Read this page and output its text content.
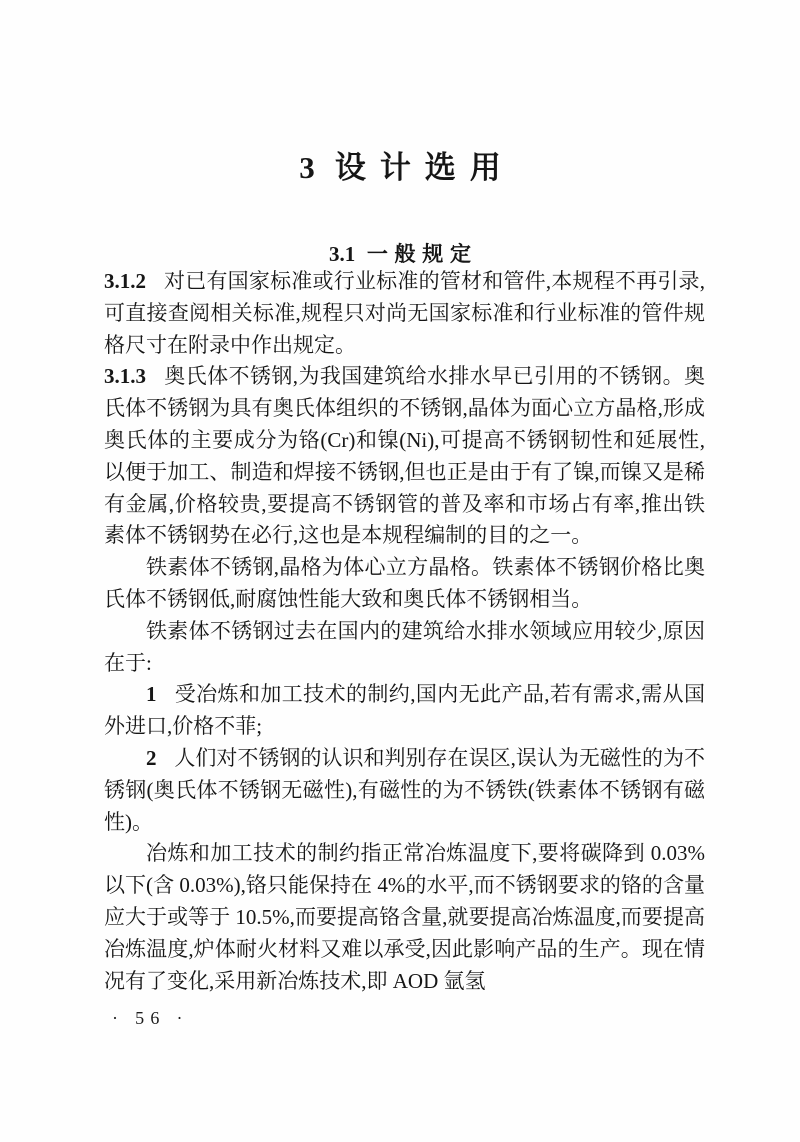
3 设计选用
3.1 一般规定

3.1.2 对已有国家标准或行业标准的管材和管件,本规程不再引录,可直接查阅相关标准,规程只对尚无国家标准和行业标准的管件规格尺寸在附录中作出规定。

3.1.3 奥氏体不锈钢,为我国建筑给水排水早已引用的不锈钢。奥氏体不锈钢为具有奥氏体组织的不锈钢,晶体为面心立方晶格,形成奥氏体的主要成分为铬(Cr)和镍(Ni),可提高不锈钢韧性和延展性,以便于加工、制造和焊接不锈钢,但也正是由于有了镍,而镍又是稀有金属,价格较贵,要提高不锈钢管的普及率和市场占有率,推出铁素体不锈钢势在必行,这也是本规程编制的目的之一。

铁素体不锈钢,晶格为体心立方晶格。铁素体不锈钢价格比奥氏体不锈钢低,耐腐蚀性能大致和奥氏体不锈钢相当。

铁素体不锈钢过去在国内的建筑给水排水领域应用较少,原因在于:

1 受冶炼和加工技术的制约,国内无此产品,若有需求,需从国外进口,价格不菲;

2 人们对不锈钢的认识和判别存在误区,误认为无磁性的为不锈钢(奥氏体不锈钢无磁性),有磁性的为不锈铁(铁素体不锈钢有磁性)。

冶炼和加工技术的制约指正常冶炼温度下,要将碳降到 0.03%以下(含 0.03%),铬只能保持在 4%的水平,而不锈钢要求的铬的含量应大于或等于 10.5%,而要提高铬含量,就要提高冶炼温度,而要提高冶炼温度,炉体耐火材料又难以承受,因此影响产品的生产。现在情况有了变化,采用新冶炼技术,即 AOD 氩氢

· 56 ·
